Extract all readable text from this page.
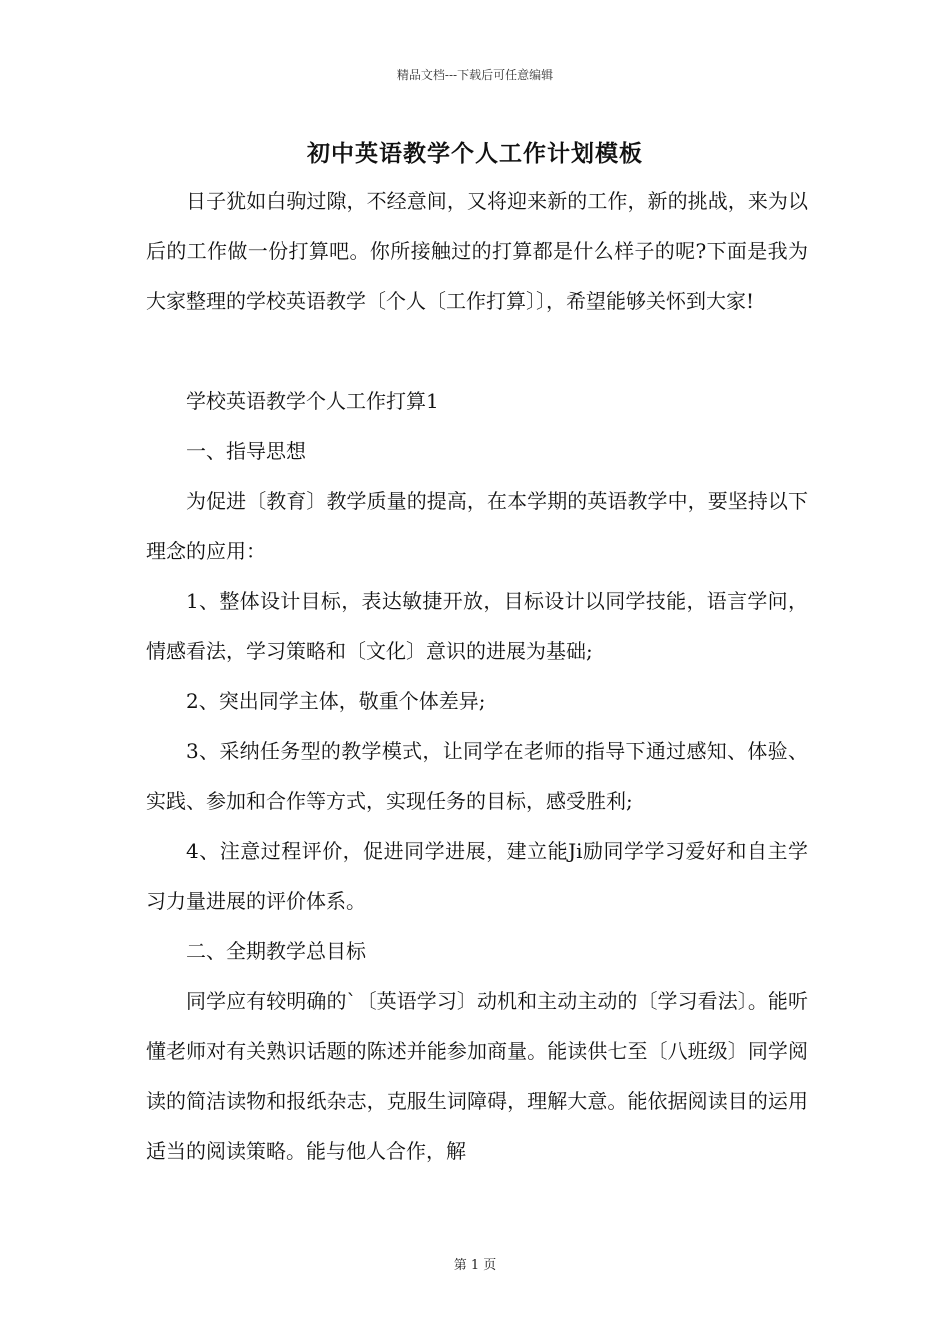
精品文档---下载后可任意编辑
初中英语教学个人工作计划模板

日子犹如白驹过隙，不经意间，又将迎来新的工作，新的挑战，来为以后的工作做一份打算吧。你所接触过的打算都是什么样子的呢?下面是我为大家整理的学校英语教学〔个人〔工作打算〕〕，希望能够关怀到大家!

学校英语教学个人工作打算1

一、指导思想

为促进〔教育〕教学质量的提高，在本学期的英语教学中，要坚持以下理念的应用：

1、整体设计目标，表达敏捷开放，目标设计以同学技能，语言学问，情感看法，学习策略和〔文化〕意识的进展为基础;

2、突出同学主体，敬重个体差异;

3、采纳任务型的教学模式，让同学在老师的指导下通过感知、体验、实践、参加和合作等方式，实现任务的目标，感受胜利;

4、注意过程评价，促进同学进展，建立能Ji励同学学习爱好和自主学习力量进展的评价体系。

二、全期教学总目标

同学应有较明确的`〔英语学习〕动机和主动主动的〔学习看法〕。能听懂老师对有关熟识话题的陈述并能参加商量。能读供七至〔八班级〕同学阅读的简洁读物和报纸杂志，克服生词障碍，理解大意。能依据阅读目的运用适当的阅读策略。能与他人合作，解

第 1 页
